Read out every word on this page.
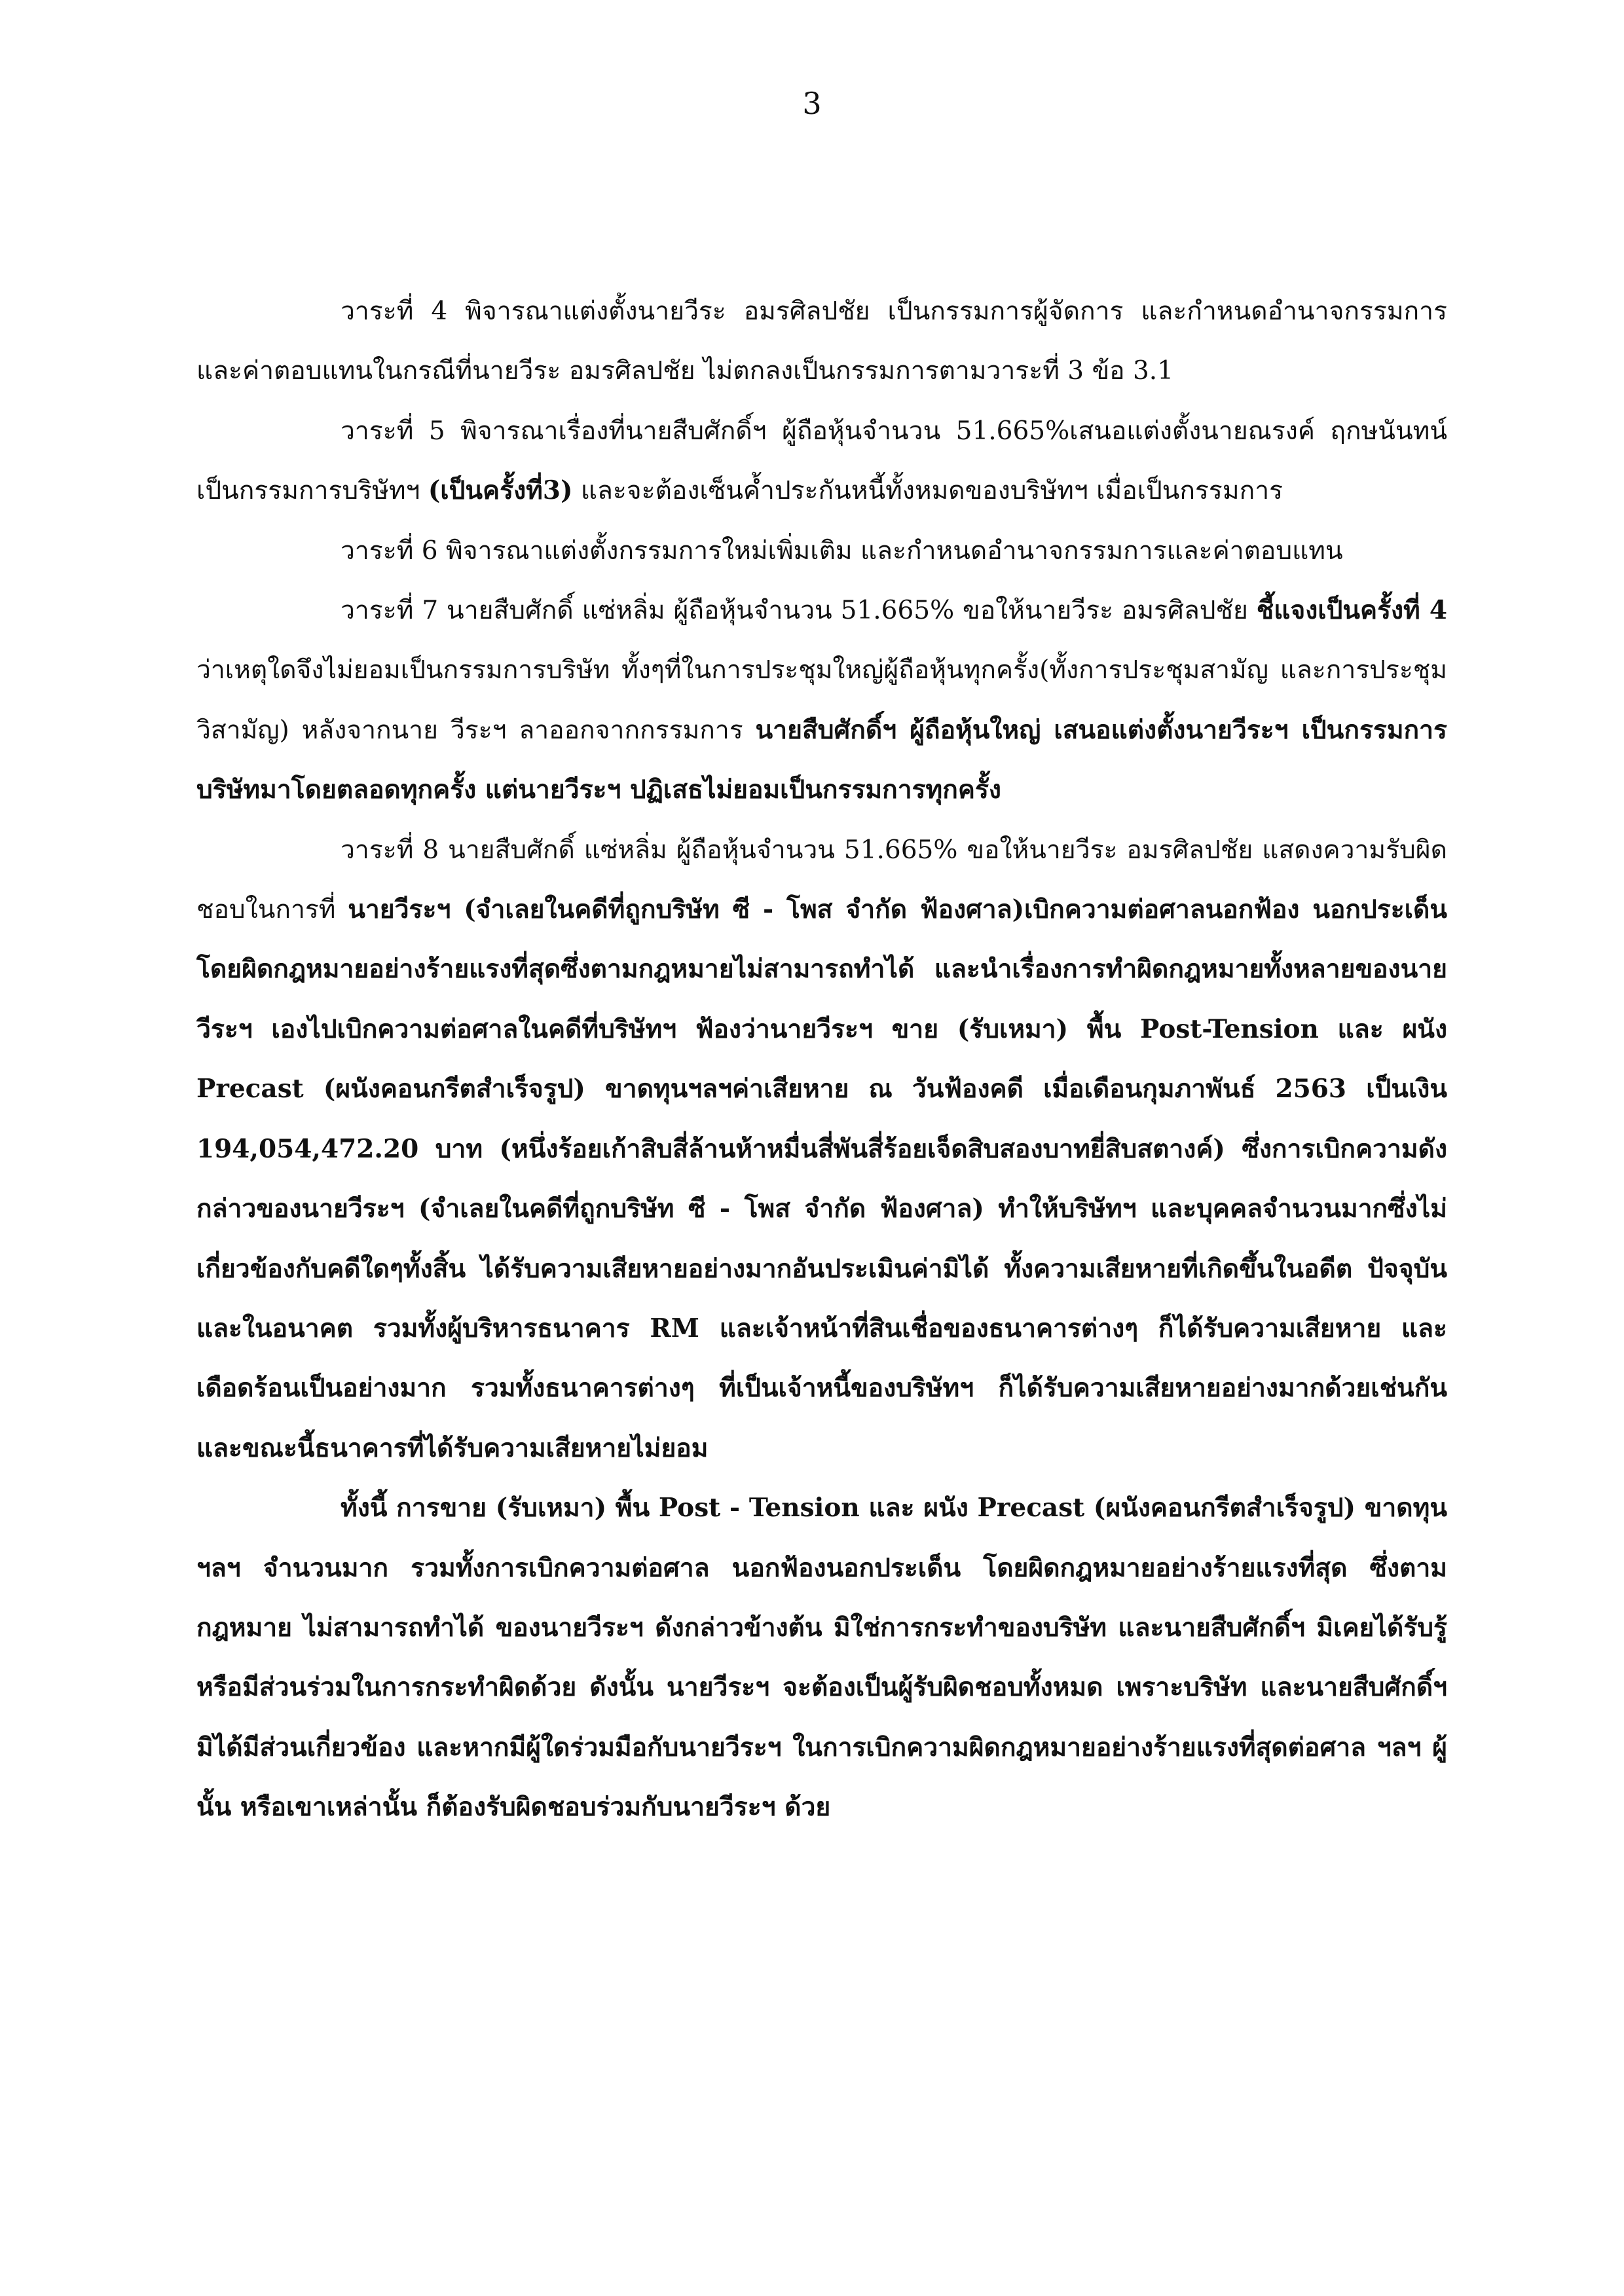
3

วาระที่ 4 พิจารณาแต่งตั้งนายวีระ อมรศิลปชัย เป็นกรรมการผู้จัดการ และกำหนดอำนาจกรรมการ และค่าตอบแทนในกรณีที่นายวีระ อมรศิลปชัย ไม่ตกลงเป็นกรรมการตามวาระที่ 3 ข้อ 3.1

วาระที่ 5 พิจารณาเรื่องที่นายสืบศักดิ์ฯ ผู้ถือหุ้นจำนวน 51.665%เสนอแต่งตั้งนายณรงค์ ฤกษนันทน์ เป็นกรรมการบริษัทฯ (เป็นครั้งที่3) และจะต้องเซ็นค้ำประกันหนี้ทั้งหมดของบริษัทฯ เมื่อเป็นกรรมการ

วาระที่ 6 พิจารณาแต่งตั้งกรรมการใหม่เพิ่มเติม และกำหนดอำนาจกรรมการและค่าตอบแทน

วาระที่ 7 นายสืบศักดิ์ แซ่หลิ่ม ผู้ถือหุ้นจำนวน 51.665% ขอให้นายวีระ อมรศิลปชัย ชี้แจงเป็นครั้งที่ 4 ว่าเหตุใดจึงไม่ยอมเป็นกรรมการบริษัท ทั้งๆที่ในการประชุมใหญ่ผู้ถือหุ้นทุกครั้ง(ทั้งการประชุมสามัญ และการประชุมวิสามัญ) หลังจากนาย วีระฯ ลาออกจากกรรมการ นายสืบศักดิ์ฯ ผู้ถือหุ้นใหญ่ เสนอแต่งตั้งนายวีระฯ เป็นกรรมการบริษัทมาโดยตลอดทุกครั้ง แต่นายวีระฯ ปฏิเสธไม่ยอมเป็นกรรมการทุกครั้ง

วาระที่ 8 นายสืบศักดิ์ แซ่หลิ่ม ผู้ถือหุ้นจำนวน 51.665% ขอให้นายวีระ อมรศิลปชัย แสดงความรับผิดชอบในการที่ นายวีระฯ (จำเลยในคดีที่ถูกบริษัท ซี - โพส จำกัด ฟ้องศาล)เบิกความต่อศาลนอกฟ้อง นอกประเด็นโดยผิดกฎหมายอย่างร้ายแรงที่สุดซึ่งตามกฎหมายไม่สามารถทำได้ และนำเรื่องการทำผิดกฎหมายทั้งหลายของนายวีระฯ เองไปเบิกความต่อศาลในคดีที่บริษัทฯ ฟ้องว่านายวีระฯ ขาย (รับเหมา) พื้น Post-Tension และ ผนัง Precast (ผนังคอนกรีตสำเร็จรูป) ขาดทุนฯลฯค่าเสียหาย ณ วันฟ้องคดี เมื่อเดือนกุมภาพันธ์ 2563 เป็นเงิน 194,054,472.20 บาท (หนึ่งร้อยเก้าสิบสี่ล้านห้าหมื่นสี่พันสี่ร้อยเจ็ดสิบสองบาทยี่สิบสตางค์) ซึ่งการเบิกความดังกล่าวของนายวีระฯ (จำเลยในคดีที่ถูกบริษัท ซี - โพส จำกัด ฟ้องศาล) ทำให้บริษัทฯ และบุคคลจำนวนมากซึ่งไม่เกี่ยวข้องกับคดีใดๆทั้งสิ้น ได้รับความเสียหายอย่างมากอันประเมินค่ามิได้ ทั้งความเสียหายที่เกิดขึ้นในอดีต ปัจจุบันและในอนาคต รวมทั้งผู้บริหารธนาคาร RM และเจ้าหน้าที่สินเชื่อของธนาคารต่างๆ ก็ได้รับความเสียหาย และเดือดร้อนเป็นอย่างมาก รวมทั้งธนาคารต่างๆ ที่เป็นเจ้าหนี้ของบริษัทฯ ก็ได้รับความเสียหายอย่างมากด้วยเช่นกัน และขณะนี้ธนาคารที่ได้รับความเสียหายไม่ยอม

ทั้งนี้ การขาย (รับเหมา) พื้น Post - Tension และ ผนัง Precast (ผนังคอนกรีตสำเร็จรูป) ขาดทุน ฯลฯ จำนวนมาก รวมทั้งการเบิกความต่อศาล นอกฟ้องนอกประเด็น โดยผิดกฎหมายอย่างร้ายแรงที่สุด ซึ่งตามกฎหมาย ไม่สามารถทำได้ ของนายวีระฯ ดังกล่าวข้างต้น มิใช่การกระทำของบริษัท และนายสืบศักดิ์ฯ มิเคยได้รับรู้ หรือมีส่วนร่วมในการกระทำผิดด้วย ดังนั้น นายวีระฯ จะต้องเป็นผู้รับผิดชอบทั้งหมด เพราะบริษัท และนายสืบศักดิ์ฯ มิได้มีส่วนเกี่ยวข้อง และหากมีผู้ใดร่วมมือกับนายวีระฯ ในการเบิกความผิดกฎหมายอย่างร้ายแรงที่สุดต่อศาล ฯลฯ ผู้นั้น หรือเขาเหล่านั้น ก็ต้องรับผิดชอบร่วมกับนายวีระฯ ด้วย
